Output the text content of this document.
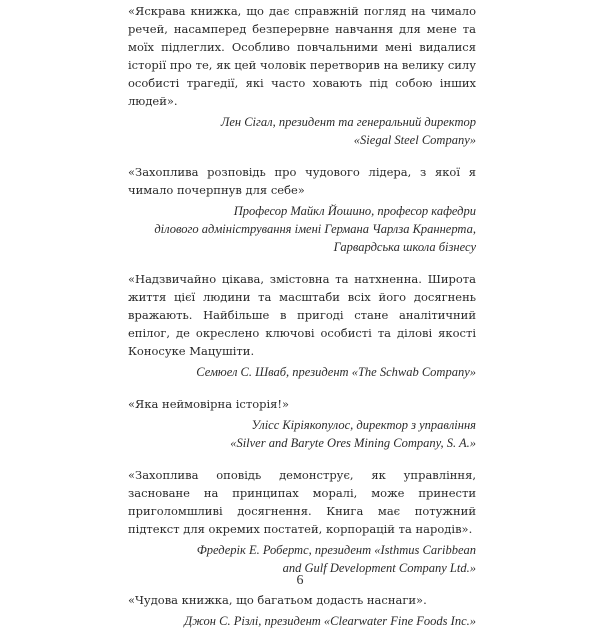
«Яскрава книжка, що дає справжній погляд на чимало речей, насамперед безперервне навчання для мене та моїх підлеглих. Особливо повчальними мені видалися історії про те, як цей чоловік перетворив на велику силу особисті трагедії, які часто ховають під собою інших людей».

Лен Сігал, президент та генеральний директор
«Siegal Steel Company»

«Захоплива розповідь про чудового лідера, з якої я чимало почерпнув для себе»

Професор Майкл Йошино, професор кафедри
ділового адміністрування імені Германа Чарлза Краннерта,
Гарвардська школа бізнесу

«Надзвичайно цікава, змістовна та натхненна. Широта життя цієї людини та масштаби всіх його досягнень вражають. Найбільше в пригоді стане аналітичний епілог, де окреслено ключові особисті та ділові якості Коносуке Мацушіти.

Семюел С. Шваб, президент «The Schwab Company»

«Яка неймовірна історія!»

Улісс Кіріякопулос, директор з управління
«Silver and Baryte Ores Mining Company, S. A.»

«Захоплива оповідь демонструє, як управління, засноване на принципах моралі, може принести приголомшливі досягнення. Книга має потужний підтекст для окремих постатей, корпорацій та народів».

Фредерік Е. Робертс, президент «Isthmus Caribbean
and Gulf Development Company Ltd.»

«Чудова книжка, що багатьом додасть наснаги».

Джон С. Різлі, президент «Clearwater Fine Foods Inc.»

6
